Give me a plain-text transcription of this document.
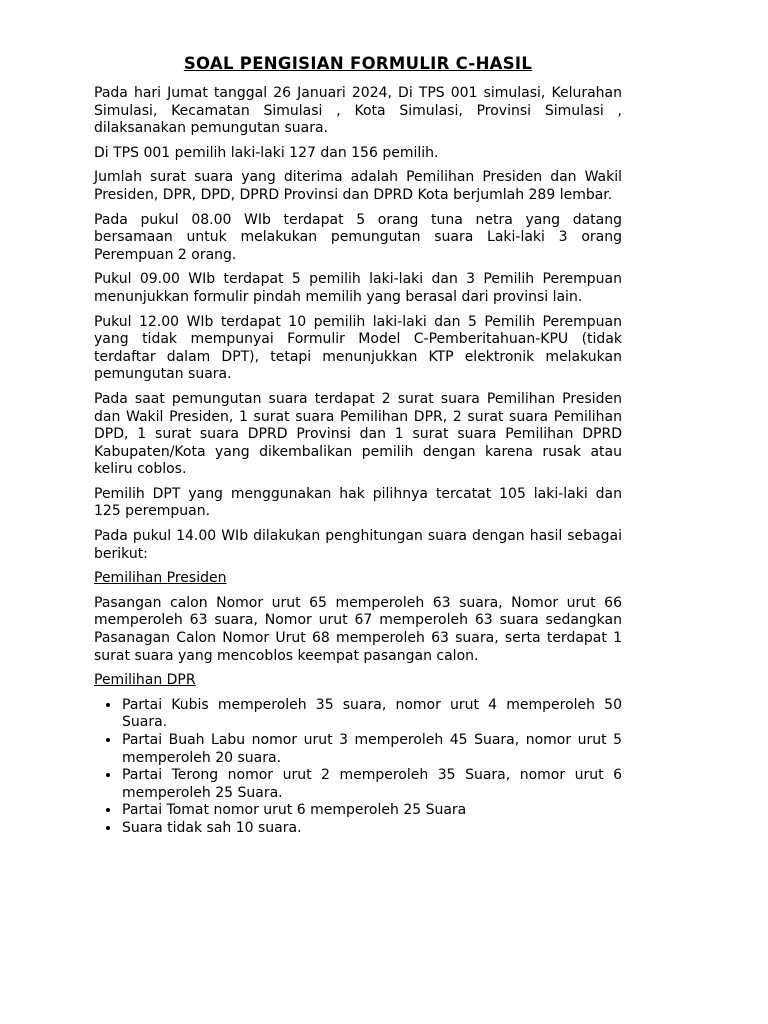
SOAL PENGISIAN FORMULIR C-HASIL

Pada hari Jumat tanggal 26 Januari 2024, Di TPS 001 simulasi, Kelurahan Simulasi, Kecamatan Simulasi , Kota Simulasi, Provinsi Simulasi , dilaksanakan pemungutan suara.

Di TPS 001 pemilih laki-laki 127 dan 156 pemilih.

Jumlah surat suara yang diterima adalah Pemilihan Presiden dan Wakil Presiden, DPR, DPD, DPRD Provinsi dan DPRD Kota berjumlah 289 lembar.

Pada pukul 08.00 WIb terdapat 5 orang tuna netra yang datang bersamaan untuk melakukan pemungutan suara Laki-laki 3 orang Perempuan 2 orang.

Pukul 09.00 WIb terdapat 5 pemilih laki-laki dan 3 Pemilih Perempuan menunjukkan formulir pindah memilih yang berasal dari provinsi lain.

Pukul 12.00 WIb terdapat 10 pemilih laki-laki dan 5 Pemilih Perempuan yang tidak mempunyai Formulir Model C-Pemberitahuan-KPU (tidak terdaftar dalam DPT), tetapi menunjukkan KTP elektronik melakukan pemungutan suara.

Pada saat pemungutan suara terdapat 2 surat suara Pemilihan Presiden dan Wakil Presiden, 1 surat suara Pemilihan DPR, 2 surat suara Pemilihan DPD, 1 surat suara DPRD Provinsi dan 1 surat suara Pemilihan DPRD Kabupaten/Kota yang dikembalikan pemilih dengan karena rusak atau keliru coblos.

Pemilih DPT yang menggunakan hak pilihnya tercatat 105 laki-laki dan 125 perempuan.

Pada pukul 14.00 WIb dilakukan penghitungan suara dengan hasil sebagai berikut:

Pemilihan Presiden

Pasangan calon Nomor urut 65 memperoleh 63 suara, Nomor urut 66 memperoleh 63 suara, Nomor urut 67 memperoleh 63 suara sedangkan Pasanagan Calon Nomor Urut 68 memperoleh 63 suara, serta terdapat 1 surat suara yang mencoblos keempat pasangan calon.

Pemilihan DPR
• Partai Kubis memperoleh 35 suara, nomor urut 4 memperoleh 50 Suara.
• Partai Buah Labu nomor urut 3 memperoleh 45 Suara, nomor urut 5 memperoleh 20 suara.
• Partai Terong nomor urut 2 memperoleh 35 Suara, nomor urut 6 memperoleh 25 Suara.
• Partai Tomat nomor urut 6 memperoleh 25 Suara
• Suara tidak sah 10 suara.
